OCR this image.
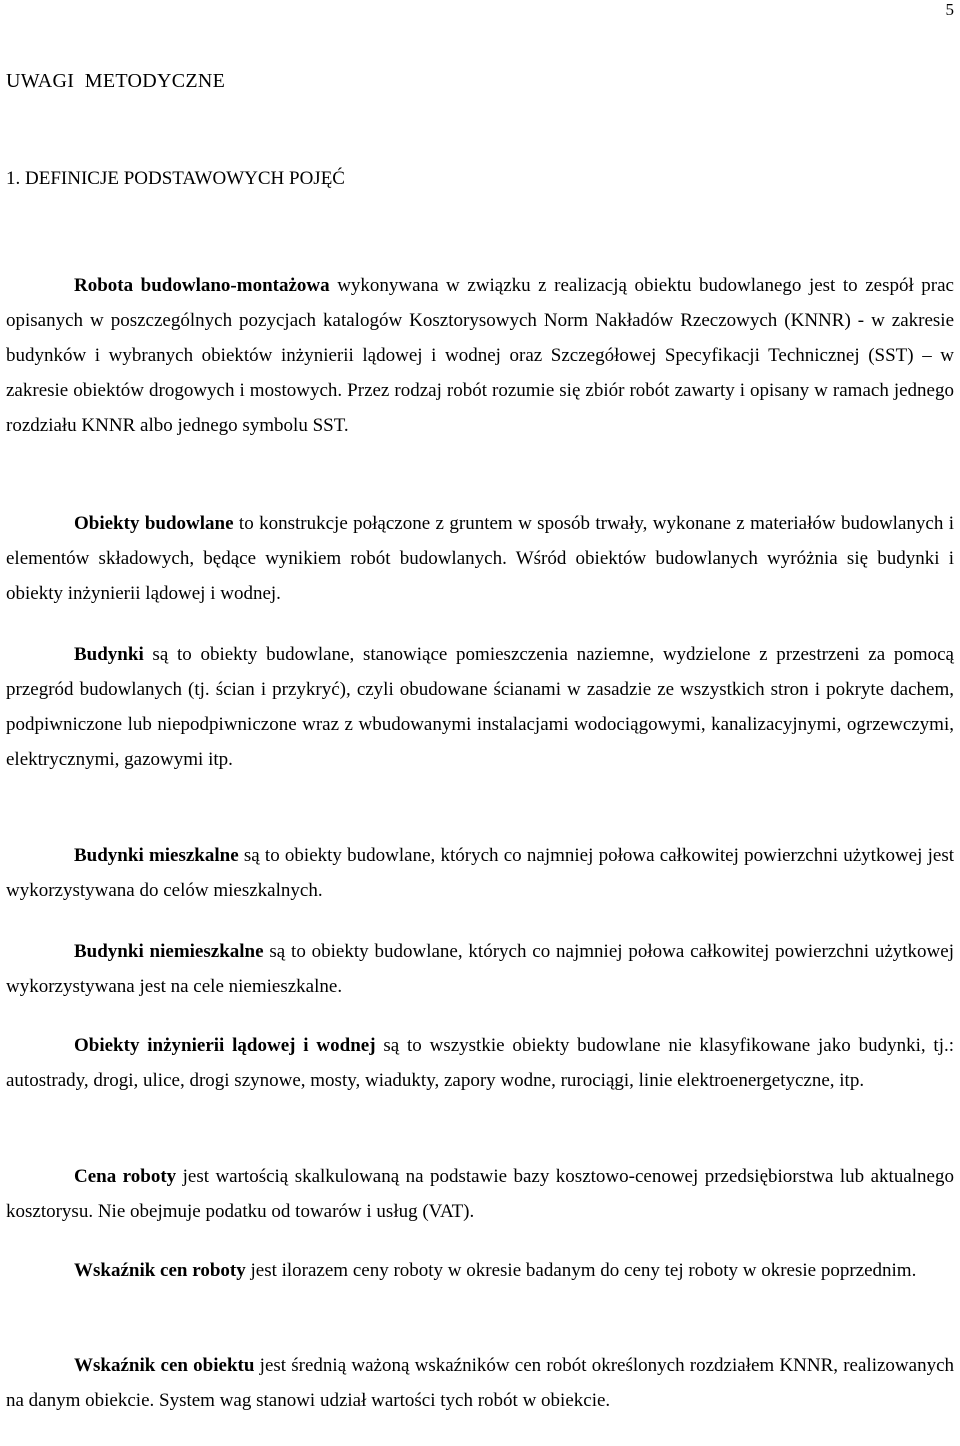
5
UWAGI  METODYCZNE
1. DEFINICJE PODSTAWOWYCH POJĘĆ

Robota budowlano-montażowa wykonywana w związku z realizacją obiektu budowlanego jest to zespół prac opisanych w poszczególnych pozycjach katalogów Kosztorysowych Norm Nakładów Rzeczowych (KNNR) - w zakresie budynków i wybranych obiektów inżynierii lądowej i wodnej oraz Szczegółowej Specyfikacji Technicznej (SST) – w zakresie obiektów drogowych i mostowych. Przez rodzaj robót rozumie się zbiór robót zawarty i opisany w ramach jednego rozdziału KNNR albo jednego symbolu SST.

Obiekty budowlane to konstrukcje połączone z gruntem w sposób trwały, wykonane z materiałów budowlanych i elementów składowych, będące wynikiem robót budowlanych. Wśród obiektów budowlanych wyróżnia się budynki i obiekty inżynierii lądowej i wodnej.

Budynki są to obiekty budowlane, stanowiące pomieszczenia naziemne, wydzielone z przestrzeni za pomocą przegród budowlanych (tj. ścian i przykryć), czyli obudowane ścianami w zasadzie ze wszystkich stron i pokryte dachem, podpiwniczone lub niepodpiwniczone wraz z wbudowanymi instalacjami wodociągowymi, kanalizacyjnymi, ogrzewczymi, elektrycznymi, gazowymi itp.

Budynki mieszkalne są to obiekty budowlane, których co najmniej połowa całkowitej powierzchni użytkowej jest wykorzystywana do celów mieszkalnych.

Budynki niemieszkalne są to obiekty budowlane, których co najmniej połowa całkowitej powierzchni użytkowej wykorzystywana jest na cele niemieszkalne.

Obiekty inżynierii lądowej i wodnej są to wszystkie obiekty budowlane nie klasyfikowane jako budynki, tj.: autostrady, drogi, ulice, drogi szynowe, mosty, wiadukty, zapory wodne, rurociągi, linie elektroenergetyczne, itp.

Cena roboty jest wartością skalkulowaną na podstawie bazy kosztowo-cenowej przedsiębiorstwa lub aktualnego kosztorysu. Nie obejmuje podatku od towarów i usług (VAT).

Wskaźnik cen roboty jest ilorazem ceny roboty w okresie badanym do ceny tej roboty w okresie poprzednim.

Wskaźnik cen obiektu jest średnią ważoną wskaźników cen robót określonych rozdziałem KNNR, realizowanych na danym obiekcie. System wag stanowi udział wartości tych robót w obiekcie.
